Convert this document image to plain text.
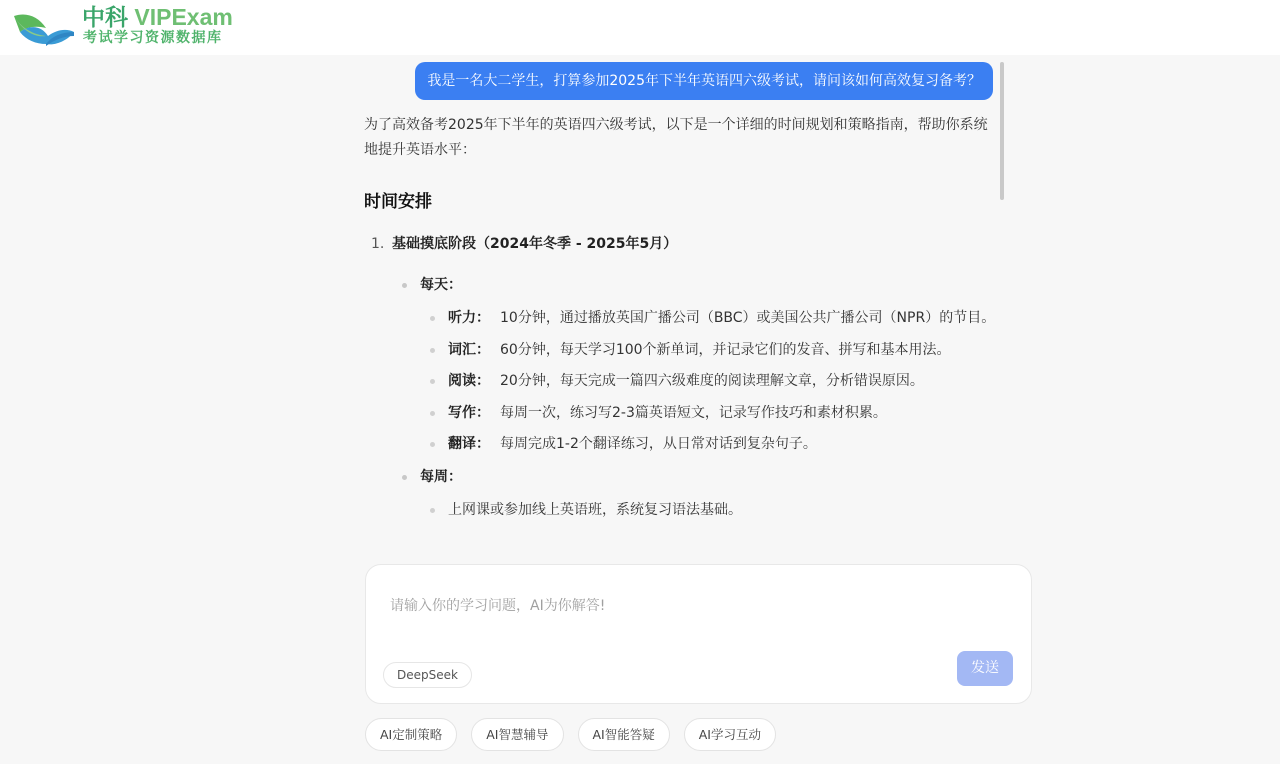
中科 VIPExam
考试学习资源数据库
我是一名大二学生，打算参加2025年下半年英语四六级考试，请问该如何高效复习备考？

为了高效备考2025年下半年的英语四六级考试，以下是一个详细的时间规划和策略指南，帮助你系统地提升英语水平：

时间安排
1. 基础摸底阶段（2024年冬季 - 2025年5月）
每天：
听力： 10分钟，通过播放英国广播公司（BBC）或美国公共广播公司（NPR）的节目。
词汇： 60分钟，每天学习100个新单词，并记录它们的发音、拼写和基本用法。
阅读： 20分钟，每天完成一篇四六级难度的阅读理解文章，分析错误原因。
写作： 每周一次，练习写2-3篇英语短文，记录写作技巧和素材积累。
翻译： 每周完成1-2个翻译练习，从日常对话到复杂句子。
每周：
上网课或参加线上英语班，系统复习语法基础。
请输入你的学习问题，AI为你解答!
DeepSeek	发送
AI定制策略	AI智慧辅导	AI智能答疑	AI学习互动
